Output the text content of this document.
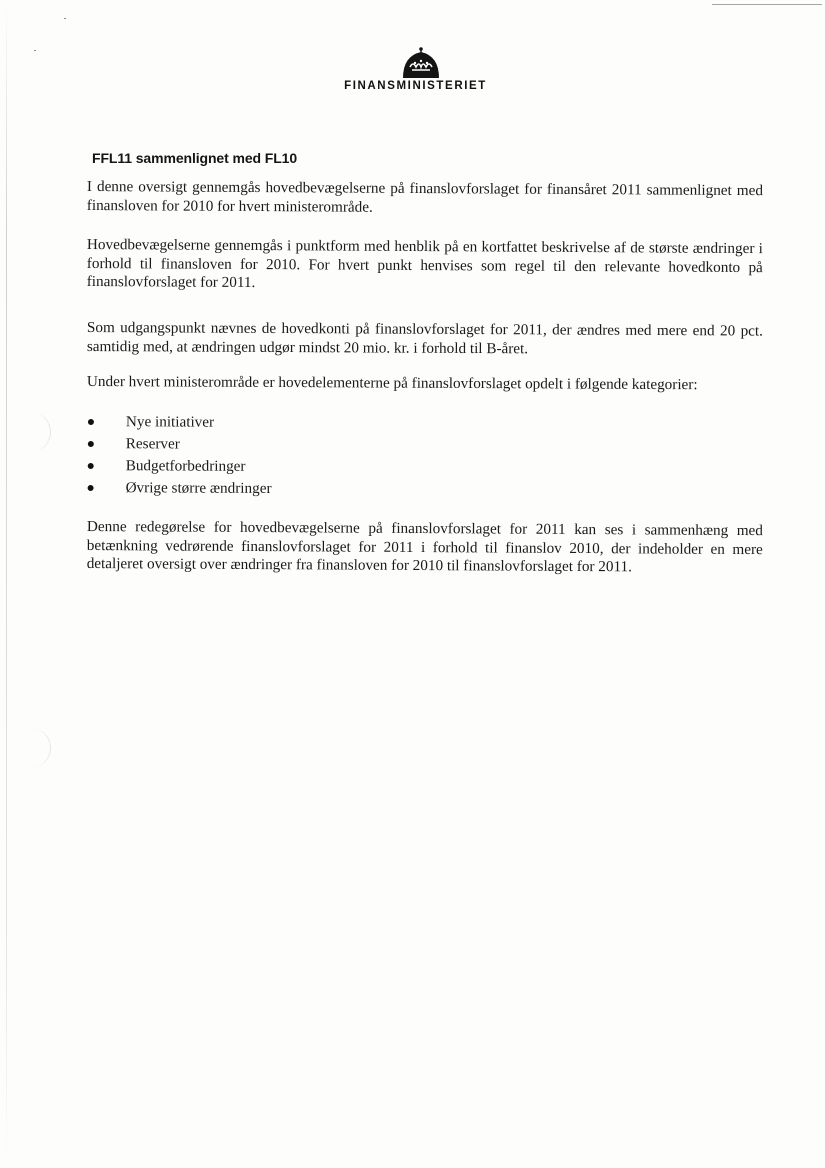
FINANSMINISTERIET
FFL11 sammenlignet med FL10
I denne oversigt gennemgås hovedbevægelserne på finanslovforslaget for finansåret 2011 sammenlignet med finansloven for 2010 for hvert ministerområde.
Hovedbevægelserne gennemgås i punktform med henblik på en kortfattet beskrivelse af de største ændringer i forhold til finansloven for 2010. For hvert punkt henvises som regel til den relevante hovedkonto på finanslovforslaget for 2011.
Som udgangspunkt nævnes de hovedkonti på finanslovforslaget for 2011, der ændres med mere end 20 pct. samtidig med, at ændringen udgør mindst 20 mio. kr. i forhold til B-året.
Under hvert ministerområde er hovedelementerne på finanslovforslaget opdelt i følgende kategorier:
Nye initiativer
Reserver
Budgetforbedringer
Øvrige større ændringer
Denne redegørelse for hovedbevægelserne på finanslovforslaget for 2011 kan ses i sammenhæng med betænkning vedrørende finanslovforslaget for 2011 i forhold til finanslov 2010, der indeholder en mere detaljeret oversigt over ændringer fra finansloven for 2010 til finanslovforslaget for 2011.
